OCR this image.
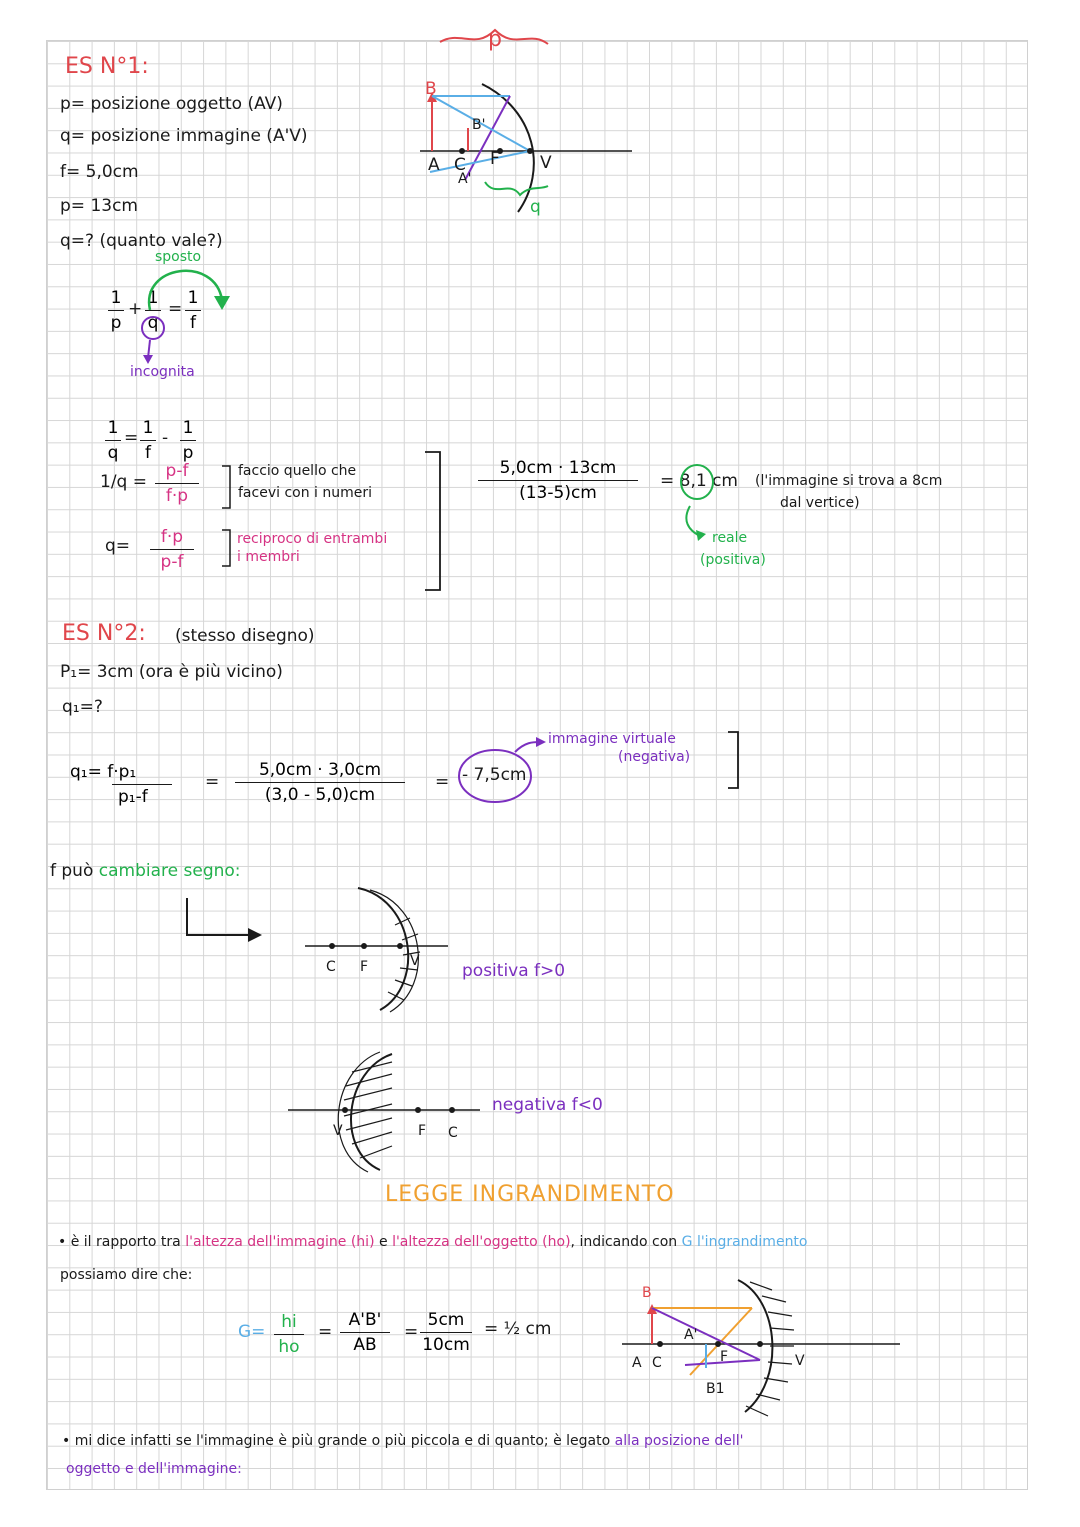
ES N°1:
p= posizione oggetto (AV)
q= posizione immagine (A'V)
f= 5,0cm
p= 13cm
q=? (quanto vale?)
sposto
1
p
+
1
q
=
1
f
incognita
1
q
= 1
f
- 1
p
1/q =
p-f
f·p
faccio quello che
facevi con i numeri
q=	f·p
p-f
reciproco di entrambi
i membri
5,0cm · 13cm
(13-5)cm
= 8,1 cm (l'immagine si trova a 8cm
dal vertice)
reale
(positiva)
B
B'
A C F V
A'
p
q
ES N°2: (stesso disegno)
P₁= 3cm (ora è più vicino)
q₁=?
q₁= f·p₁
p₁-f
=
5,0cm · 3,0cm
(3,0 - 5,0)cm
= - 7,5cm
immagine virtuale
(negativa)
f può cambiare segno:
C F	V positiva f>0
V	F C
negativa f<0
LEGGE INGRANDIMENTO
• è il rapporto tra l'altezza dell'immagine (hi) e l'altezza dell'oggetto (ho), indicando con G l'ingrandimento
possiamo dire che:
G= hi
ho
=
A'B'
AB
=
5cm
10cm
= ½ cm
B
A'
A C	F
B1
V
• mi dice infatti se l'immagine è più grande o più piccola e di quanto; è legato alla posizione dell'
oggetto e dell'immagine:
